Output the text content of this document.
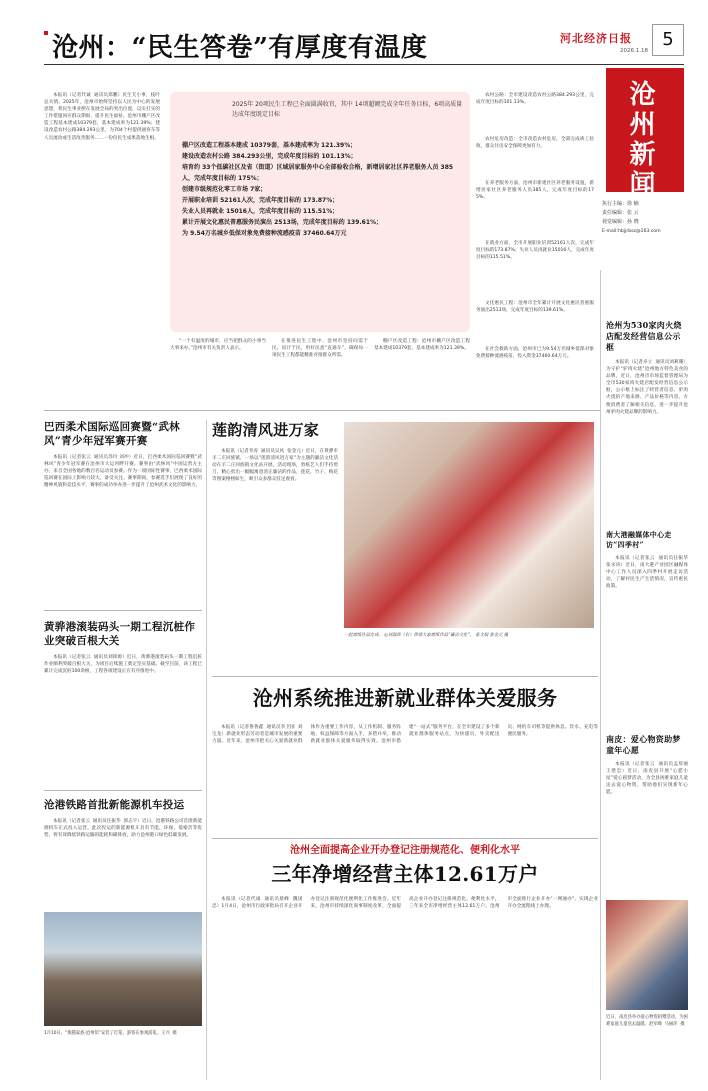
沧州：“民生答卷”有厚度有温度	河北经济日报	5
2026.1.18
沧州新闻
执行主编：徐 楠
责任编辑：张 云
视觉编辑：孙 晓
E-mail:hbjjrbsz@163.com
本报讯（记者代诚  通讯员郑鹏）民生无小事，枝叶总关情。2025年，沧州市始终坚持以人民为中心的发展思想，将民生事业摆在发展全局的突出位置，以实打实的工作措施回应群众期盼，提升民生福祉。沧州市棚户区改造工程基本建成10379套，基本建成率为121.39%；建设改造农村公路384.293公里，为704个村提供通客车等人员流动或生活改善服务……一份份民生成果落地生根。
2025年 20项民生工程已全面圆满收官，其中 14项超额完成全年任务目标，6项高质量达成年度既定目标
棚户区改造工程基本建成 10379套，基本建成率为 121.39%；
建设改造农村公路 384.293公里，完成年度目标的 101.13%；
培育约 33个低碳社区及省（街道）区域居家服务中心全部验收合格，新增居家社区养老服务人员 385人，完成年度目标的 175%；
创建市级规范化零工市场 7家；
开展职业培训 52161人次，完成年度目标的 173.87%；
失业人员再就业 15016人，完成年度目标的 115.51%；
累计开展文化惠民普惠服务民演出 2513场，完成年度目标的 139.61%；
为 9.54万名城乡低保对象免费接种流感疫苗 37460.64万元
“一个有温度的城市，应当把群众的小事当大事来办。”沧州市有关负责人表示。
在推进民生工程中，沧州市坚持问需于民、问计于民，用好民意“直通车”，确保每一项民生工程都能精准对接群众所需。
棚户区改造工程：沧州市棚户区改造工程基本建成10379套，基本建成率为121.39%。
农村公路：全市建设改造农村公路384.293公里，完成年度目标的101.13%。
农村危房改造：全市改造农村危房，全部完成竣工验收，群众住房安全保障更加有力。
在养老服务方面，沧州市新建社区养老服务设施，新增居家社区养老服务人员385人，完成年度目标的175%。
在就业方面，全市开展职业培训52161人次，完成年度目标的173.87%；失业人员再就业15016人，完成年度目标的115.51%。
文化惠民工程：沧州市全年累计开展文化惠民普惠服务演出2513场，完成年度目标的139.61%。
在社会救助方面，沧州市已为9.54万名城乡低保对象免费接种流感疫苗，投入资金37460.64万元。
沧州为530家肉火烧店配发经营信息公示框
本报讯（记者卓立  通讯员刘莉珊）为守护“驴肉火烧”沧州地方特色美食的品牌，近日，沧州市市场监督管理局为全市530家肉火烧店配发经营信息公示框，公示框上标注了经营者信息、驴肉火烧的产地来源、产品价格等内容，方便消费者了解相关信息，进一步提升沧州驴肉火烧品牌的影响力。
南大港融媒体中心走访“四季村”
本报讯（记者张云  通讯员任振华  张永涛）近日，南大港产业园区融媒体中心工作人员深入四季村开展走访活动，了解村民生产生活情况，宣传惠民政策。
南皮：爱心物资助梦童年心愿
本报讯（记者张云  通讯员孟厚丽  王建忠）近日，南皮县开展“心愿小屋”爱心圆梦活动，为全县困难家庭儿童送去爱心物资，帮助他们实现新年心愿。
近日，南皮县举办爱心物资捐赠活动，为困难家庭儿童送去温暖。赵军峰  马丽萍  摄
巴西柔术国际巡回赛暨“武林风”青少年冠军赛开赛
本报讯（记者张云  通讯员苏玲 刘冲）近日，巴西柔术国际巡回赛暨“武林风”青少年冠军赛在沧州市大运河畔开赛。赛事由“武林风”中国运营方主办，来自全国各地的数百名运动员参赛。作为一项国际性赛事，巴西柔术国际巡回赛在国际上影响力较大，备受关注。赛事期间，参赛选手们展现了良好的精神风貌和竞技水平，赛事的成功举办进一步提升了沧州武术文化的影响力。
黄骅港滚装码头一期工程沉桩作业突破百根大关
本报讯（记者张云  通讯员刘锋源）近日，黄骅港滚装码头一期工程沉桩作业顺利突破百根大关，为项目后续施工奠定坚实基础。截至目前，该工程已累计完成沉桩100余根，工程各项建设正在有序推进中。
沧港铁路首批新能源机车投运
本报讯（记者张云  通讯员任振华  郭志宇）近日，沧港铁路公司首批新能源机车正式投入运营。此次投运的新能源机车具有节能、环保、低噪音等优势，将有效降低铁路运输的能耗和碳排放，助力沧州港口绿色低碳发展。
1月10日，“熊猫家族·沧州馆”安装了灯笼，游客在参观游览。王兴  摄
莲韵清风进万家
本报讯（记者李涛  通讯员吴风  张金元）近日，在黄骅市羊二庄回族镇，一场以“莲韵清风进万家”为主题的廉洁文化活动在羊二庄回族镇文化站开展。活动现场，剪纸艺人们手持剪刀，精心剪出一幅幅寓意清正廉洁的作品，莲花、竹子、梅花等图案栩栩如生，吸引众多群众驻足观看。
一起剪纸作品完成。 ◎刘淑珍（右）带领大家剪纸作品“廉洁文化”。 张文娟 张金元 摄
沧州系统推进新就业群体关爱服务
本报讯（记者鲁鲁鑫  通讯员李卫国  刘宝龙）新就业形态劳动者是城市发展的重要力量。近年来，沧州市把关心关爱新就业群体作为重要工作内容，从工作机制、服务阵地、权益保障等方面入手，多措并举，推动新就业群体关爱服务取得实效。沧州市搭建“一站式”服务平台，在全市建设了多个新就业群体服务站点，为快递员、外卖配送员、网约车司机等提供休息、饮水、充电等便民服务。
沧州全面提高企业开办登记注册规范化、便利化水平
三年净增经营主体12.61万户
本报讯（记者代诚  通讯员蔡峰  魏国忠）1月4日，沧州市行政审批局召开企业开办登记注册规范化便利化工作推进会。近年来，沧州市持续深化商事制度改革，全面提高企业开办登记注册规范化、便利化水平，三年来全市净增经营主体12.61万户。沧州市全面推行企业开办“一网通办”，实现企业开办全流程线上办理。
